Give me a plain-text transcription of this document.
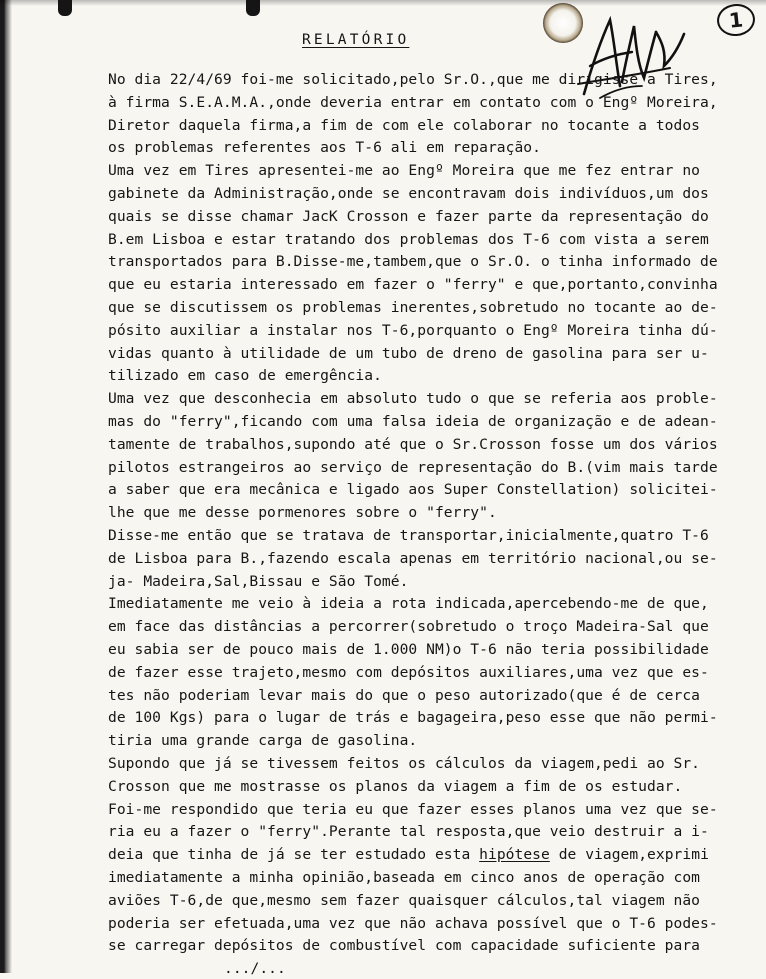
1
RELATÓRIO
No dia 22/4/69 foi-me solicitado,pelo Sr.O.,que me dirigisse a Tires,
à firma S.E.A.M.A.,onde deveria entrar em contato com o Engº Moreira,
Diretor daquela firma,a fim de com ele colaborar no tocante a todos
os problemas referentes aos T-6 ali em reparação.
Uma vez em Tires apresentei-me ao Engº Moreira que me fez entrar no
gabinete da Administração,onde se encontravam dois indivíduos,um dos
quais se disse chamar JacK Crosson e fazer parte da representação do
B.em Lisboa e estar tratando dos problemas dos T-6 com vista a serem
transportados para B.Disse-me,tambem,que o Sr.O. o tinha informado de
que eu estaria interessado em fazer o "ferry" e que,portanto,convinha
que se discutissem os problemas inerentes,sobretudo no tocante ao de-
pósito auxiliar a instalar nos T-6,porquanto o Engº Moreira tinha dú-
vidas quanto à utilidade de um tubo de dreno de gasolina para ser u-
tilizado em caso de emergência.
Uma vez que desconhecia em absoluto tudo o que se referia aos proble-
mas do "ferry",ficando com uma falsa ideia de organização e de adean-
tamente de trabalhos,supondo até que o Sr.Crosson fosse um dos vários
pilotos estrangeiros ao serviço de representação do B.(vim mais tarde
a saber que era mecânica e ligado aos Super Constellation) solicitei-
lhe que me desse pormenores sobre o "ferry".
Disse-me então que se tratava de transportar,inicialmente,quatro T-6
de Lisboa para B.,fazendo escala apenas em território nacional,ou se-
ja- Madeira,Sal,Bissau e São Tomé.
Imediatamente me veio à ideia a rota indicada,apercebendo-me de que,
em face das distâncias a percorrer(sobretudo o troço Madeira-Sal que
eu sabia ser de pouco mais de 1.000 NM)o T-6 não teria possibilidade
de fazer esse trajeto,mesmo com depósitos auxiliares,uma vez que es-
tes não poderiam levar mais do que o peso autorizado(que é de cerca
de 100 Kgs) para o lugar de trás e bagageira,peso esse que não permi-
tiria uma grande carga de gasolina.
Supondo que já se tivessem feitos os cálculos da viagem,pedi ao Sr.
Crosson que me mostrasse os planos da viagem a fim de os estudar.
Foi-me respondido que teria eu que fazer esses planos uma vez que se-
ria eu a fazer o "ferry".Perante tal resposta,que veio destruir a i-
deia que tinha de já se ter estudado esta hipótese de viagem,exprimi
imediatamente a minha opinião,baseada em cinco anos de operação com
aviões T-6,de que,mesmo sem fazer quaisquer cálculos,tal viagem não
poderia ser efetuada,uma vez que não achava possível que o T-6 podes-
se carregar depósitos de combustível com capacidade suficiente para
.../...
